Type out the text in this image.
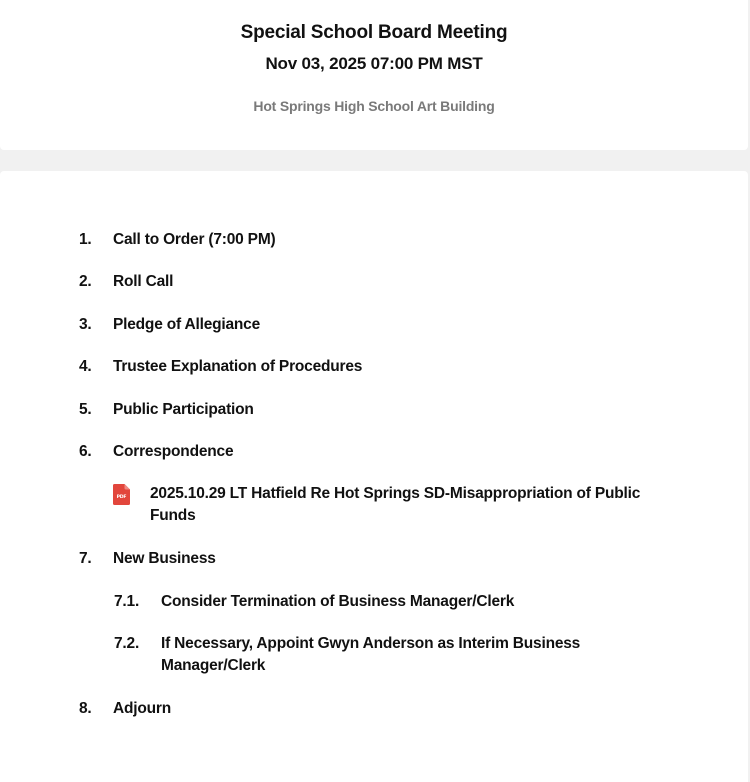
Special School Board Meeting
Nov 03, 2025 07:00 PM MST
Hot Springs High School Art Building
1.	Call to Order (7:00 PM)
2.	Roll Call
3.	Pledge of Allegiance
4.	Trustee Explanation of Procedures
5.	Public Participation
6.	Correspondence
PDF 2025.10.29 LT Hatfield Re Hot Springs SD-Misappropriation of Public Funds
7.	New Business
7.1.	Consider Termination of Business Manager/Clerk
7.2.	If Necessary, Appoint Gwyn Anderson as Interim Business Manager/Clerk
8.	Adjourn
